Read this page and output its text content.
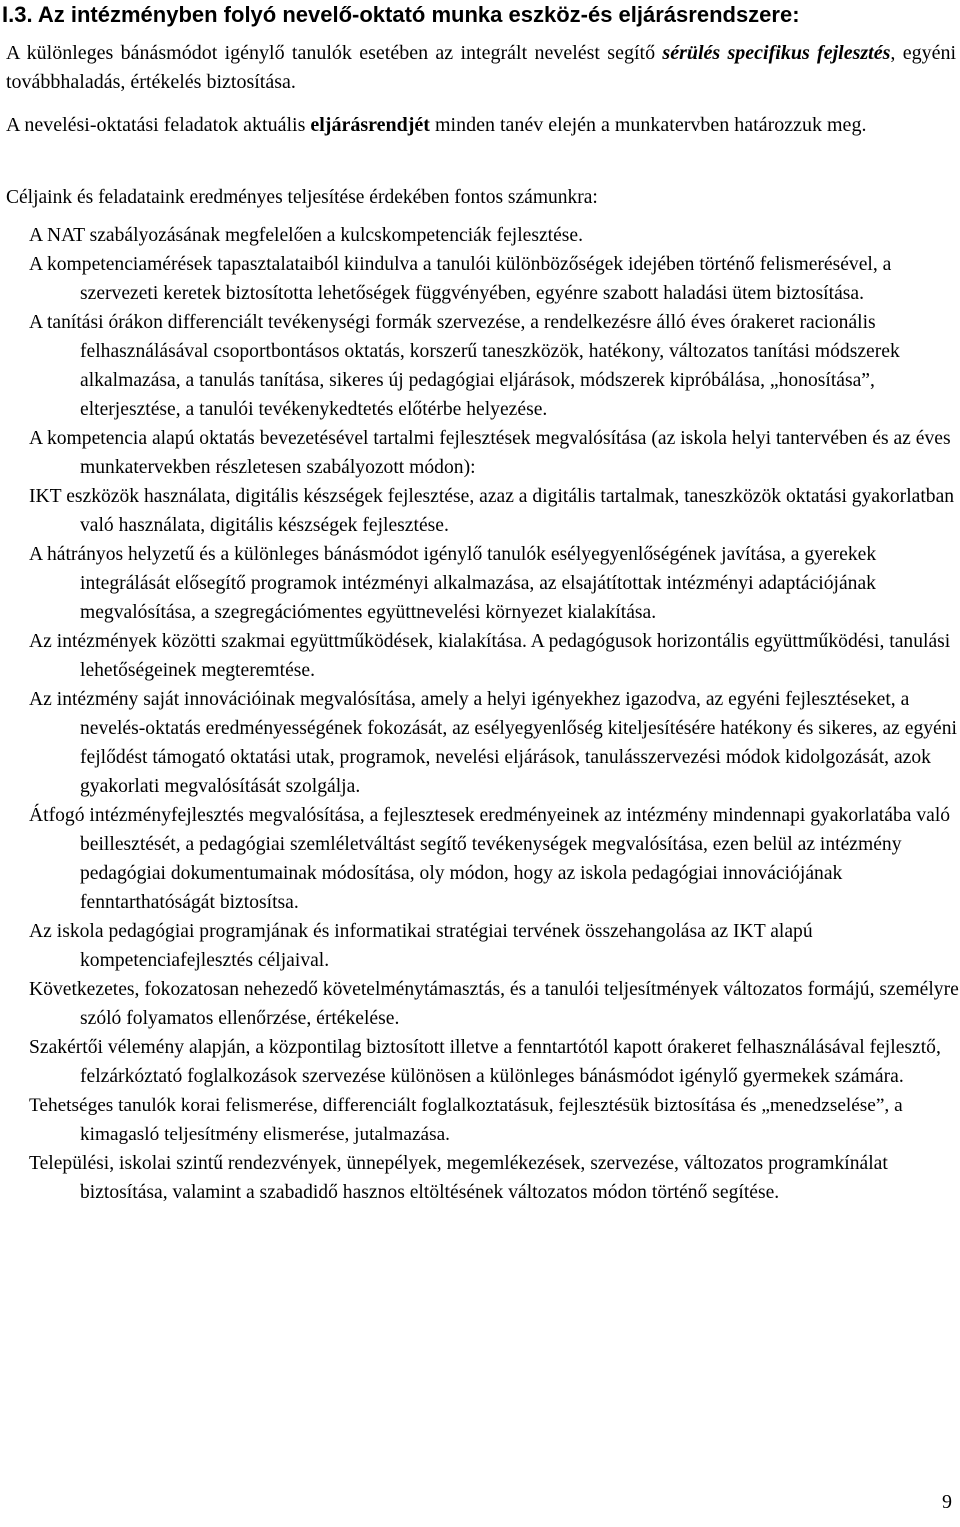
I.3. Az intézményben folyó nevelő-oktató munka eszköz-és eljárásrendszere:

A különleges bánásmódot igénylő tanulók esetében az integrált nevelést segítő sérülés specifikus fejlesztés, egyéni továbbhaladás, értékelés biztosítása.

A nevelési-oktatási feladatok aktuális eljárásrendjét minden tanév elején a munkatervben határozzuk meg.

Céljaink és feladataink eredményes teljesítése érdekében fontos számunkra:

A NAT szabályozásának megfelelően a kulcskompetenciák fejlesztése.
A kompetenciamérések tapasztalataiból kiindulva a tanulói különbözőségek idejében történő felismerésével, a szervezeti keretek biztosította lehetőségek függvényében, egyénre szabott haladási ütem biztosítása.
A tanítási órákon differenciált tevékenységi formák szervezése, a rendelkezésre álló éves órakeret racionális felhasználásával csoportbontásos oktatás, korszerű taneszközök, hatékony, változatos tanítási módszerek alkalmazása, a tanulás tanítása, sikeres új pedagógiai eljárások, módszerek kipróbálása, „honosítása”, elterjesztése, a tanulói tevékenykedtetés előtérbe helyezése.
A kompetencia alapú oktatás bevezetésével tartalmi fejlesztések megvalósítása (az iskola helyi tantervében és az éves munkatervekben részletesen szabályozott módon):
IKT eszközök használata, digitális készségek fejlesztése, azaz a digitális tartalmak, taneszközök oktatási gyakorlatban való használata, digitális készségek fejlesztése.
A hátrányos helyzetű és a különleges bánásmódot igénylő tanulók esélyegyenlőségének javítása, a gyerekek integrálását elősegítő programok intézményi alkalmazása, az elsajátítottak intézményi adaptációjának megvalósítása, a szegregációmentes együttnevelési környezet kialakítása.
Az intézmények közötti szakmai együttműködések, kialakítása. A pedagógusok horizontális együttműködési, tanulási lehetőségeinek megteremtése.
Az intézmény saját innovációinak megvalósítása, amely a helyi igényekhez igazodva, az egyéni fejlesztéseket, a nevelés-oktatás eredményességének fokozását, az esélyegyenlőség kiteljesítésére hatékony és sikeres, az egyéni fejlődést támogató oktatási utak, programok, nevelési eljárások, tanulásszervezési módok kidolgozását, azok gyakorlati megvalósítását szolgálja.
Átfogó intézményfejlesztés megvalósítása, a fejlesztesek eredményeinek az intézmény mindennapi gyakorlatába való beillesztését, a pedagógiai szemléletváltást segítő tevékenységek megvalósítása, ezen belül az intézmény pedagógiai dokumentumainak módosítása, oly módon, hogy az iskola pedagógiai innovációjának fenntarthatóságát biztosítsa.
Az iskola pedagógiai programjának és informatikai stratégiai tervének összehangolása az IKT alapú kompetenciafejlesztés céljaival.
Következetes, fokozatosan nehezedő követelménytámasztás, és a tanulói teljesítmények változatos formájú, személyre szóló folyamatos ellenőrzése, értékelése.
Szakértői vélemény alapján, a központilag biztosított illetve a fenntartótól kapott órakeret felhasználásával fejlesztő, felzárkóztató foglalkozások szervezése különösen a különleges bánásmódot igénylő gyermekek számára.
Tehetséges tanulók korai felismerése, differenciált foglalkoztatásuk, fejlesztésük biztosítása és „menedzselése”, a kimagasló teljesítmény elismerése, jutalmazása.
Települési, iskolai szintű rendezvények, ünnepélyek, megemlékezések, szervezése, változatos programkínálat biztosítása, valamint a szabadidő hasznos eltöltésének változatos módon történő segítése.
9
